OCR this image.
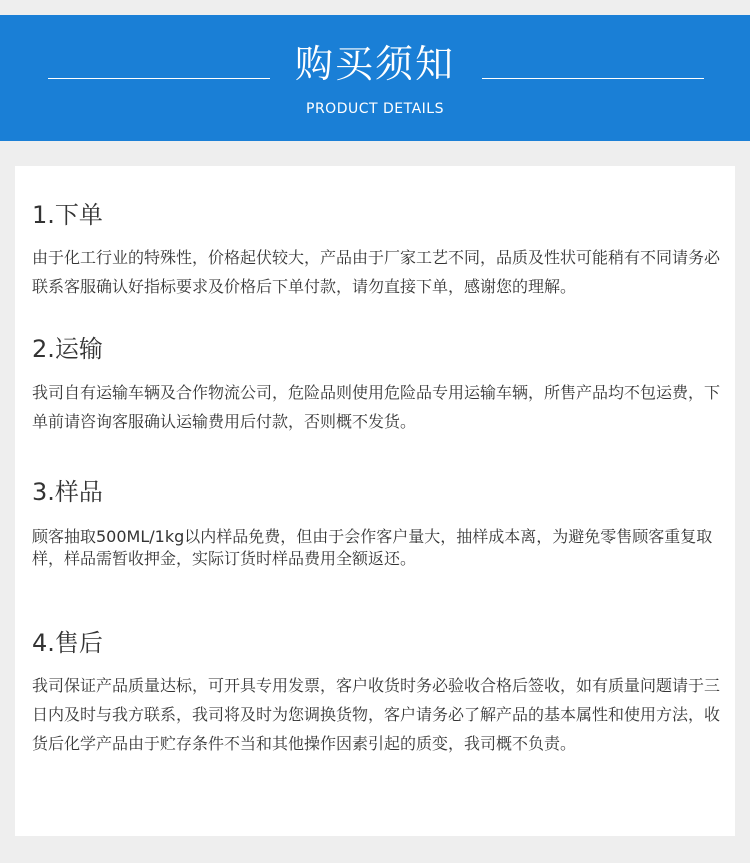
购买须知
PRODUCT DETAILS
1.下单

由于化工行业的特殊性，价格起伏较大，产品由于厂家工艺不同，品质及性状可能稍有不同请务必联系客服确认好指标要求及价格后下单付款，请勿直接下单，感谢您的理解。

2.运输

我司自有运输车辆及合作物流公司，危险品则使用危险品专用运输车辆，所售产品均不包运费，下单前请咨询客服确认运输费用后付款，否则概不发货。

3.样品

顾客抽取500ML/1kg以内样品免费，但由于会作客户量大，抽样成本离，为避免零售顾客重复取样，样品需暂收押金，实际订货时样品费用全额返还。

4.售后

我司保证产品质量达标，可开具专用发票，客户收货时务必验收合格后签收，如有质量问题请于三日内及时与我方联系，我司将及时为您调换货物，客户请务必了解产品的基本属性和使用方法，收货后化学产品由于贮存条件不当和其他操作因素引起的质变，我司概不负责。
